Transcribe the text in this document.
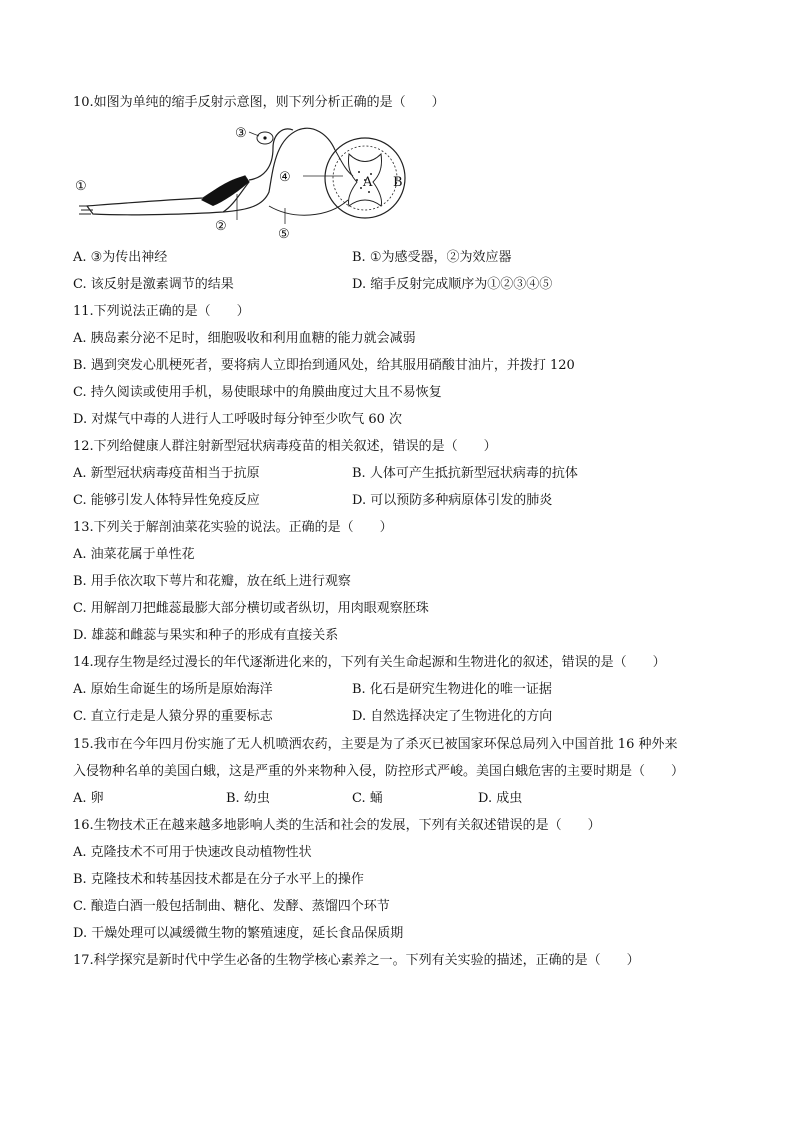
10.如图为单纯的缩手反射示意图，则下列分析正确的是（　　）
③
①
④	A B
②
⑤
A. ③为传出神经	B. ①为感受器，②为效应器
C. 该反射是激素调节的结果	D. 缩手反射完成顺序为①②③④⑤
11.下列说法正确的是（　　）
A. 胰岛素分泌不足时，细胞吸收和利用血糖的能力就会减弱
B. 遇到突发心肌梗死者，要将病人立即抬到通风处，给其服用硝酸甘油片，并拨打 120
C. 持久阅读或使用手机，易使眼球中的角膜曲度过大且不易恢复
D. 对煤气中毒的人进行人工呼吸时每分钟至少吹气 60 次
12.下列给健康人群注射新型冠状病毒疫苗的相关叙述，错误的是（　　）
A. 新型冠状病毒疫苗相当于抗原	B. 人体可产生抵抗新型冠状病毒的抗体
C. 能够引发人体特异性免疫反应	D. 可以预防多种病原体引发的肺炎
13.下列关于解剖油菜花实验的说法。正确的是（　　）
A. 油菜花属于单性花
B. 用手依次取下萼片和花瓣，放在纸上进行观察
C. 用解剖刀把雌蕊最膨大部分横切或者纵切，用肉眼观察胚珠
D. 雄蕊和雌蕊与果实和种子的形成有直接关系
14.现存生物是经过漫长的年代逐渐进化来的，下列有关生命起源和生物进化的叙述，错误的是（　　）
A. 原始生命诞生的场所是原始海洋	B. 化石是研究生物进化的唯一证据
C. 直立行走是人猿分界的重要标志	D. 自然选择决定了生物进化的方向
15.我市在今年四月份实施了无人机喷洒农药，主要是为了杀灭已被国家环保总局列入中国首批 16 种外来
入侵物种名单的美国白蛾，这是严重的外来物种入侵，防控形式严峻。美国白蛾危害的主要时期是（　　）
A. 卵	B. 幼虫	C. 蛹	D. 成虫
16.生物技术正在越来越多地影响人类的生活和社会的发展，下列有关叙述错误的是（　　）
A. 克隆技术不可用于快速改良动植物性状
B. 克隆技术和转基因技术都是在分子水平上的操作
C. 酿造白酒一般包括制曲、糖化、发酵、蒸馏四个环节
D. 干燥处理可以减缓微生物的繁殖速度，延长食品保质期
17.科学探究是新时代中学生必备的生物学核心素养之一。下列有关实验的描述，正确的是（　　）
